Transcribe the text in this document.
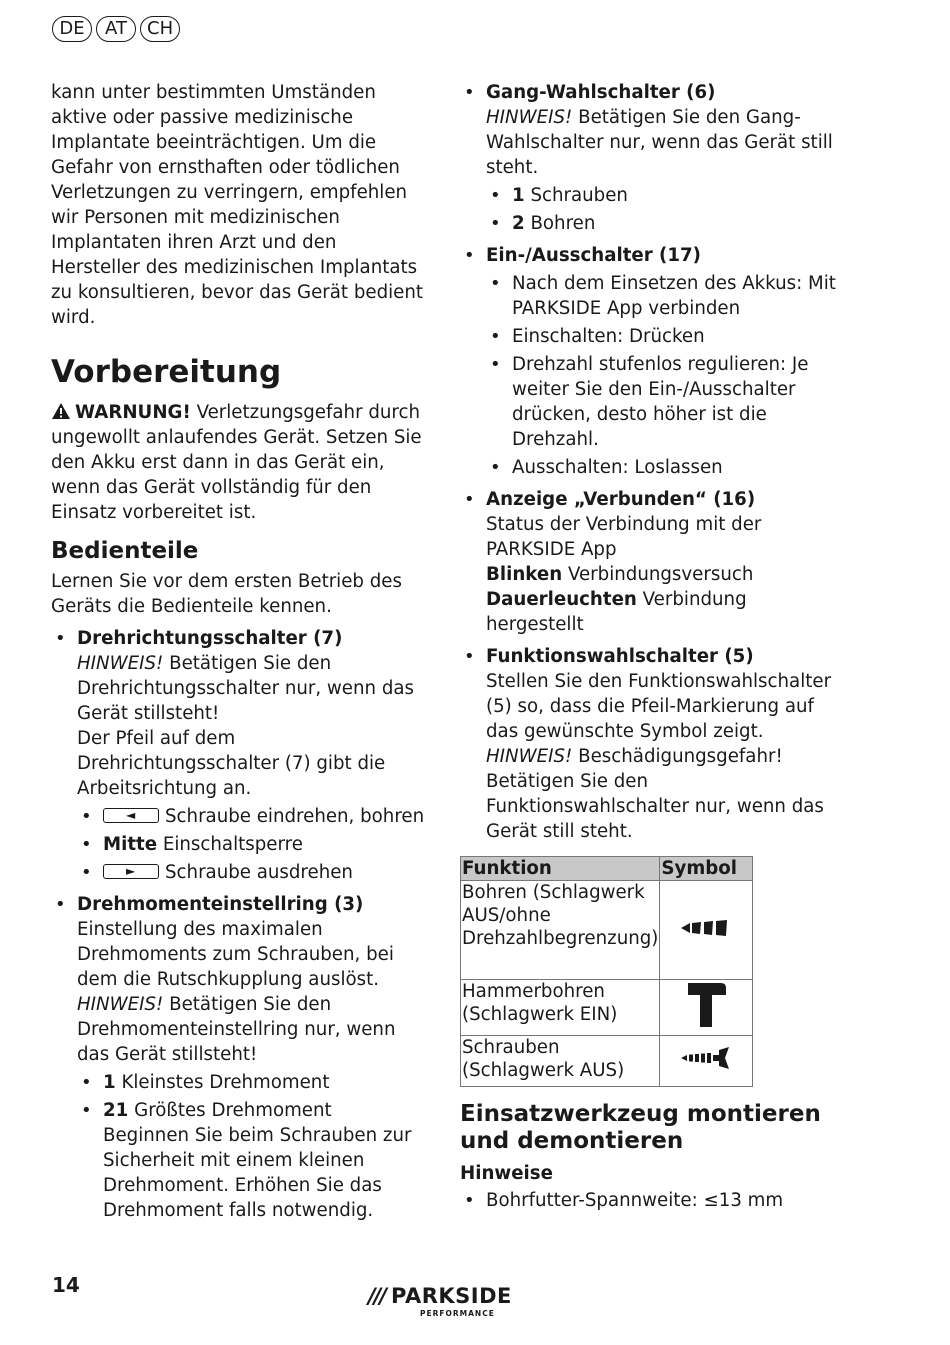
DE	AT	CH

kann unter bestimmten Umständen aktive oder passive medizinische Implantate beeinträchtigen. Um die Gefahr von ernsthaften oder tödlichen Verletzungen zu verringern, empfehlen wir Personen mit medizinischen Implantaten ihren Arzt und den Hersteller des medizinischen Implantats zu konsultieren, bevor das Gerät bedient wird.

Vorbereitung

WARNUNG! Verletzungsgefahr durch ungewollt anlaufendes Gerät. Setzen Sie den Akku erst dann in das Gerät ein, wenn das Gerät vollständig für den Einsatz vorbereitet ist.

Bedienteile

Lernen Sie vor dem ersten Betrieb des Geräts die Bedienteile kennen.

• Drehrichtungsschalter (7)

HINWEIS! Betätigen Sie den Drehrichtungsschalter nur, wenn das Gerät stillsteht!

Der Pfeil auf dem Drehrichtungsschalter (7) gibt die Arbeitsrichtung an.

•	◄ Schraube eindrehen, bohren
• Mitte Einschaltsperre
•	► Schraube ausdrehen
• Drehmomenteinstellring (3)

Einstellung des maximalen Drehmoments zum Schrauben, bei dem die Rutschkupplung auslöst.

HINWEIS! Betätigen Sie den Drehmomenteinstellring nur, wenn das Gerät stillsteht!

• 1 Kleinstes Drehmoment
• 21 Größtes Drehmoment

Beginnen Sie beim Schrauben zur Sicherheit mit einem kleinen Drehmoment. Erhöhen Sie das Drehmoment falls notwendig.

• Gang-Wahlschalter (6)

HINWEIS! Betätigen Sie den Gang-Wahlschalter nur, wenn das Gerät still steht.

• 1 Schrauben
• 2 Bohren
• Ein-/Ausschalter (17)
• Nach dem Einsetzen des Akkus: Mit PARKSIDE App verbinden
• Einschalten: Drücken
• Drehzahl stufenlos regulieren: Je weiter Sie den Ein-/Ausschalter drücken, desto höher ist die Drehzahl.
• Ausschalten: Loslassen
• Anzeige „Verbunden“ (16)

Status der Verbindung mit der PARKSIDE App

Blinken Verbindungsversuch

Dauerleuchten Verbindung hergestellt

• Funktionswahlschalter (5)

Stellen Sie den Funktionswahlschalter (5) so, dass die Pfeil-Markierung auf das gewünschte Symbol zeigt.

HINWEIS! Beschädigungsgefahr! Betätigen Sie den Funktionswahlschalter nur, wenn das Gerät still steht.

Funktion	Symbol
Bohren (Schlagwerk AUS/ohne Drehzahlbegrenzung)	
Hammerbohren (Schlagwerk EIN)	
Schrauben (Schlagwerk AUS)	
Einsatzwerkzeug montieren und demontieren
Hinweise
• Bohrfutter-Spannweite: ≤13 mm
14	/// PARKSIDE
PERFORMANCE
